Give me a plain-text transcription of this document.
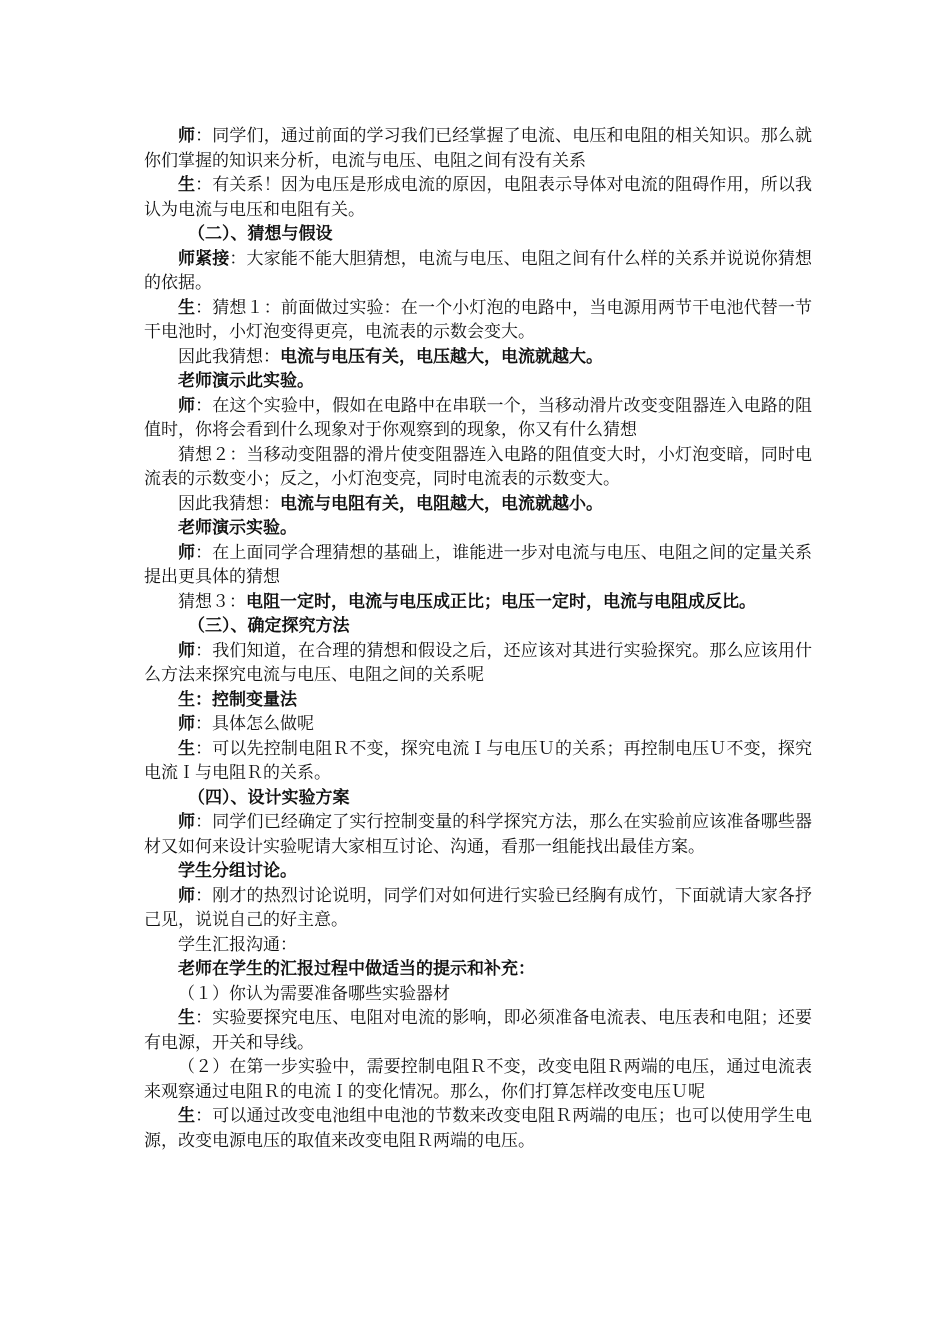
师：同学们，通过前面的学习我们已经掌握了电流、电压和电阻的相关知识。那么就你们掌握的知识来分析，电流与电压、电阻之间有没有关系

生：有关系！因为电压是形成电流的原因，电阻表示导体对电流的阻碍作用，所以我认为电流与电压和电阻有关。

（二）、猜想与假设

师紧接：大家能不能大胆猜想，电流与电压、电阻之间有什么样的关系并说说你猜想的依据。

生：猜想１：前面做过实验：在一个小灯泡的电路中，当电源用两节干电池代替一节干电池时，小灯泡变得更亮，电流表的示数会变大。

因此我猜想：电流与电压有关，电压越大，电流就越大。

老师演示此实验。

师：在这个实验中，假如在电路中在串联一个，当移动滑片改变变阻器连入电路的阻值时，你将会看到什么现象对于你观察到的现象，你又有什么猜想

猜想２：当移动变阻器的滑片使变阻器连入电路的阻值变大时，小灯泡变暗，同时电流表的示数变小；反之，小灯泡变亮，同时电流表的示数变大。

因此我猜想：电流与电阻有关，电阻越大，电流就越小。

老师演示实验。

师：在上面同学合理猜想的基础上，谁能进一步对电流与电压、电阻之间的定量关系提出更具体的猜想

猜想３：电阻一定时，电流与电压成正比；电压一定时，电流与电阻成反比。

（三）、确定探究方法

师：我们知道，在合理的猜想和假设之后，还应该对其进行实验探究。那么应该用什么方法来探究电流与电压、电阻之间的关系呢

生：控制变量法

师：具体怎么做呢

生：可以先控制电阻Ｒ不变，探究电流Ｉ与电压Ｕ的关系；再控制电压Ｕ不变，探究电流Ｉ与电阻Ｒ的关系。

（四）、设计实验方案

师：同学们已经确定了实行控制变量的科学探究方法，那么在实验前应该准备哪些器材又如何来设计实验呢请大家相互讨论、沟通，看那一组能找出最佳方案。

学生分组讨论。

师：刚才的热烈讨论说明，同学们对如何进行实验已经胸有成竹，下面就请大家各抒己见，说说自己的好主意。

学生汇报沟通：

老师在学生的汇报过程中做适当的提示和补充：

（１）你认为需要准备哪些实验器材

生：实验要探究电压、电阻对电流的影响，即必须准备电流表、电压表和电阻；还要有电源，开关和导线。

（２）在第一步实验中，需要控制电阻Ｒ不变，改变电阻Ｒ两端的电压，通过电流表来观察通过电阻Ｒ的电流Ｉ的变化情况。那么，你们打算怎样改变电压Ｕ呢

生：可以通过改变电池组中电池的节数来改变电阻Ｒ两端的电压；也可以使用学生电源，改变电源电压的取值来改变电阻Ｒ两端的电压。
